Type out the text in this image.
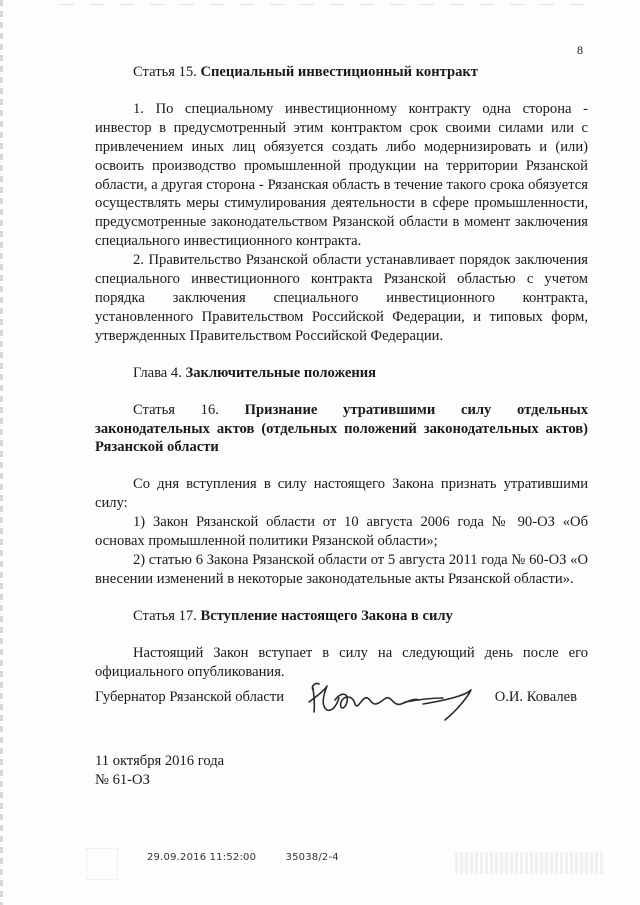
8

Статья 15. Специальный инвестиционный контракт

1. По специальному инвестиционному контракту одна сторона - инвестор в предусмотренный этим контрактом срок своими силами или с привлечением иных лиц обязуется создать либо модернизировать и (или) освоить производство промышленной продукции на территории Рязанской области, а другая сторона - Рязанская область в течение такого срока обязуется осуществлять меры стимулирования деятельности в сфере промышленности, предусмотренные законодательством Рязанской области в момент заключения специального инвестиционного контракта.

2. Правительство Рязанской области устанавливает порядок заключения специального инвестиционного контракта Рязанской областью с учетом порядка заключения специального инвестиционного контракта, установленного Правительством Российской Федерации, и типовых форм, утвержденных Правительством Российской Федерации.

Глава 4. Заключительные положения

Статья 16. Признание утратившими силу отдельных законодательных актов (отдельных положений законодательных актов) Рязанской области

Со дня вступления в силу настоящего Закона признать утратившими силу:

1) Закон Рязанской области от 10 августа 2006 года № 90-ОЗ «Об основах промышленной политики Рязанской области»;

2) статью 6 Закона Рязанской области от 5 августа 2011 года № 60-ОЗ «О внесении изменений в некоторые законодательные акты Рязанской области».

Статья 17. Вступление настоящего Закона в силу

Настоящий Закон вступает в силу на следующий день после его официального опубликования.

Губернатор Рязанской области	О.И. Ковалев
11 октября 2016 года
№ 61-ОЗ
29.09.2016 11:52:00	35038/2-4
